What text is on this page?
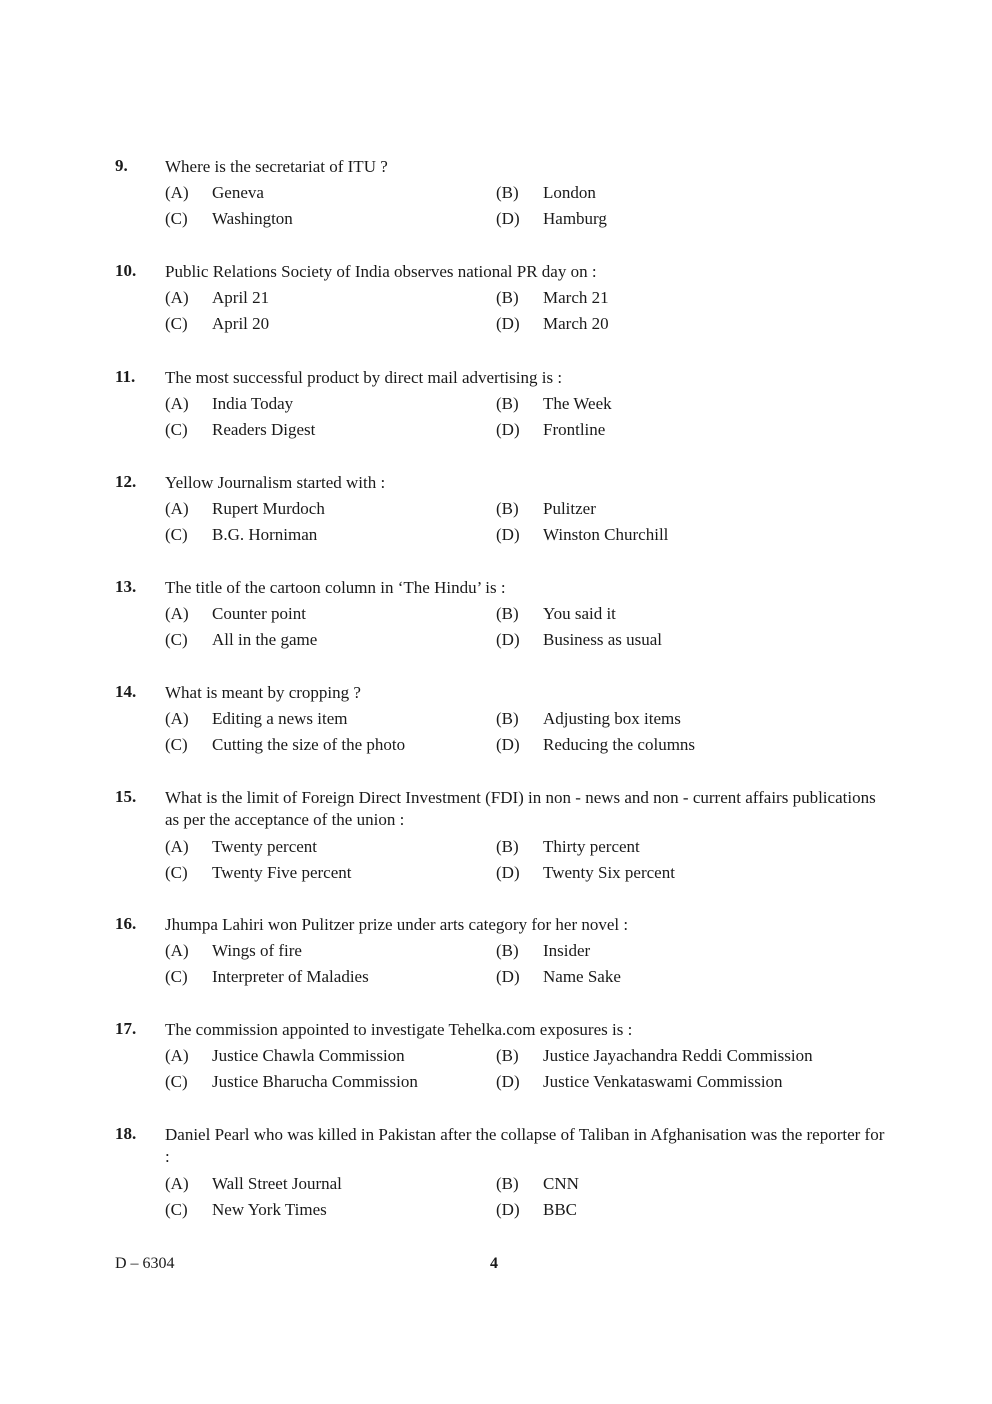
9. Where is the secretariat of ITU ?
(A) Geneva	(B) London
(C) Washington	(D) Hamburg
10. Public Relations Society of India observes national PR day on :
(A) April 21	(B) March 21
(C) April 20	(D) March 20
11. The most successful product by direct mail advertising is :
(A) India Today	(B) The Week
(C) Readers Digest	(D) Frontline
12. Yellow Journalism started with :
(A) Rupert Murdoch	(B) Pulitzer
(C) B.G. Horniman	(D) Winston Churchill
13. The title of the cartoon column in ‘The Hindu’ is :
(A) Counter point	(B) You said it
(C) All in the game	(D) Business as usual
14. What is meant by cropping ?
(A) Editing a news item	(B) Adjusting box items
(C) Cutting the size of the photo	(D) Reducing the columns
15. What is the limit of Foreign Direct Investment (FDI) in non - news and non - current affairs publications as per the acceptance of the union :
(A) Twenty percent	(B) Thirty percent
(C) Twenty Five percent	(D) Twenty Six percent
16. Jhumpa Lahiri won Pulitzer prize under arts category for her novel :
(A) Wings of fire	(B) Insider
(C) Interpreter of Maladies	(D) Name Sake
17. The commission appointed to investigate Tehelka.com exposures is :
(A) Justice Chawla Commission	(B) Justice Jayachandra Reddi Commission
(C) Justice Bharucha Commission	(D) Justice Venkataswami Commission
18. Daniel Pearl who was killed in Pakistan after the collapse of Taliban in Afghanisation was the reporter for :
(A) Wall Street Journal	(B) CNN
(C) New York Times	(D) BBC
D – 6304	4
